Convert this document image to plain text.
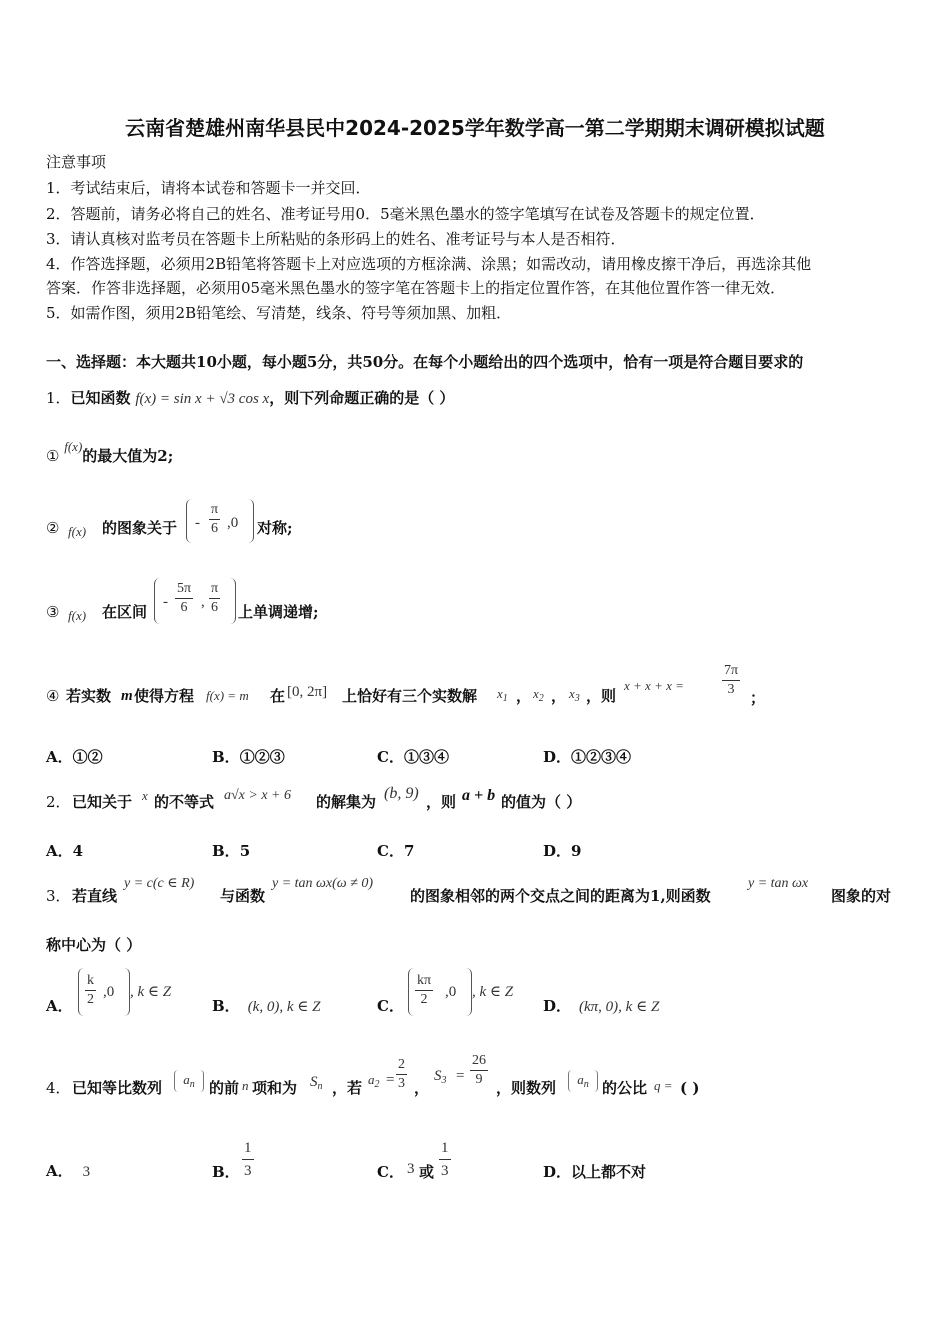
云南省楚雄州南华县民中2024-2025学年数学高一第二学期期末调研模拟试题
注意事项
1．考试结束后，请将本试卷和答题卡一并交回．
2．答题前，请务必将自己的姓名、准考证号用0．5毫米黑色墨水的签字笔填写在试卷及答题卡的规定位置．
3．请认真核对监考员在答题卡上所粘贴的条形码上的姓名、准考证号与本人是否相符．
4．作答选择题，必须用2B铅笔将答题卡上对应选项的方框涂满、涂黑；如需改动，请用橡皮擦干净后，再选涂其他
答案．作答非选择题，必须用05毫米黑色墨水的签字笔在答题卡上的指定位置作答，在其他位置作答一律无效．
5．如需作图，须用2B铅笔绘、写清楚，线条、符号等须加黑、加粗．
一、选择题：本大题共10小题，每小题5分，共50分。在每个小题给出的四个选项中，恰有一项是符合题目要求的
1．已知函数 f(x) = sin x + √3 cos x，则下列命题正确的是（ ）
① f(x)的最大值为2;
② f(x) 的图象关于 - $\frac{\pi}{6} ,0$ 对称;
③ f(x) 在区间
- $\frac{5\pi}{6}$ , $\frac{\pi}{6}$ 上单调递增;
④ 若实数 m 使得方程 f(x) = m 在 [0, 2π] 上恰好有三个实数解 $x_1$ ， $x_2$ ， $x_3$ ，则
x + x + x =	$\frac{7\pi}{3}$ ；
A．①②	B．①②③	C．①③④	D．①②③④
2． 已知关于 x 的不等式 a√x > x + 6 的解集为 (b, 9) ，则 a + b 的值为（ ）
A．4	B．5	C．7	D．9
3． 若直线
y = c(c ∈ R)
与函数
y = tan ωx(ω ≠ 0)
的图象相邻的两个交点之间的距离为1,则函数
y = tan ωx
图象的对
称中心为（ ）
A． $\frac{k}{2} ,0$ , k ∈ Z
B． (k, 0), k ∈ Z	C． $\frac{k\pi}{2} ,0$ , k ∈ Z
D． (kπ, 0), k ∈ Z
4． 已知等比数列	$a_n$ 的前 n 项和为 $S_n$ ，若 $a_2 = \frac{2}{3}$ ，
$S_3 = \frac{26}{9}$ ，则数列	$a_n$ 的公比 q = ( )
A． 3	B． $\frac{1}{3}$	C． 3 或 $\frac{1}{3}$	D．以上都不对
